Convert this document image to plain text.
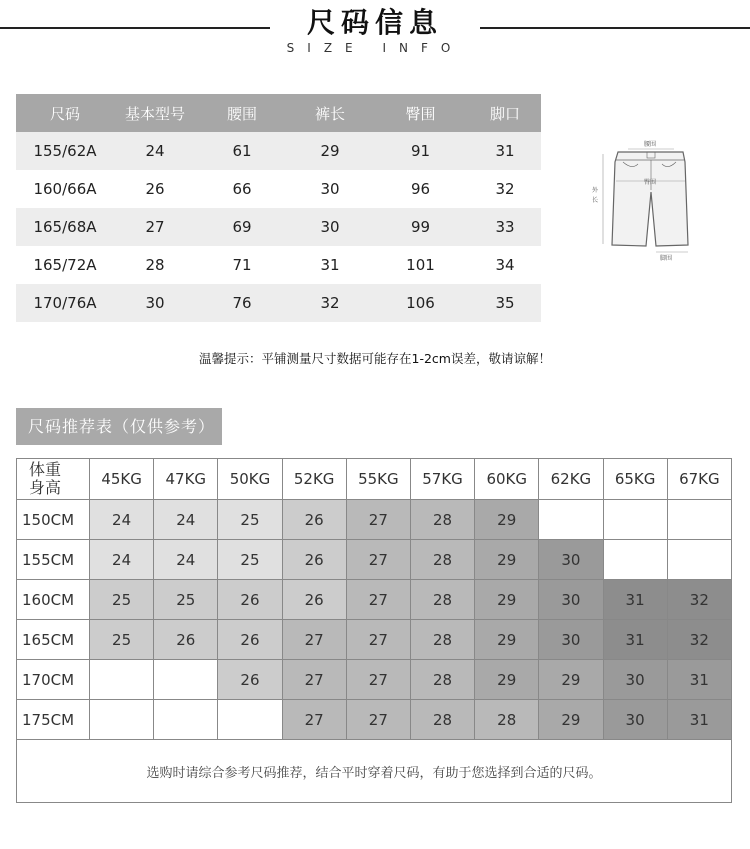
尺码信息
SIZE INFO
尺码	基本型号	腰围	裤长	臀围	脚口
155/62A	24	61	29	91	31
160/66A	26	66	30	96	32
165/68A	27	69	30	99	33
165/72A	28	71	31	101	34
170/76A	30	76	32	106	35
腰围
臀围
外
长
脚围
温馨提示：平铺测量尺寸数据可能存在1-2cm误差，敬请谅解！
尺码推荐表（仅供参考）
体重
身高	45KG	47KG	50KG	52KG	55KG	57KG	60KG	62KG	65KG	67KG
150CM	24	24	25	26	27	28	29			
155CM	24	24	25	26	27	28	29	30		
160CM	25	25	26	26	27	28	29	30	31	32
165CM	25	26	26	27	27	28	29	30	31	32
170CM			26	27	27	28	29	29	30	31
175CM				27	27	28	28	29	30	31
选购时请综合参考尺码推荐，结合平时穿着尺码，有助于您选择到合适的尺码。										
